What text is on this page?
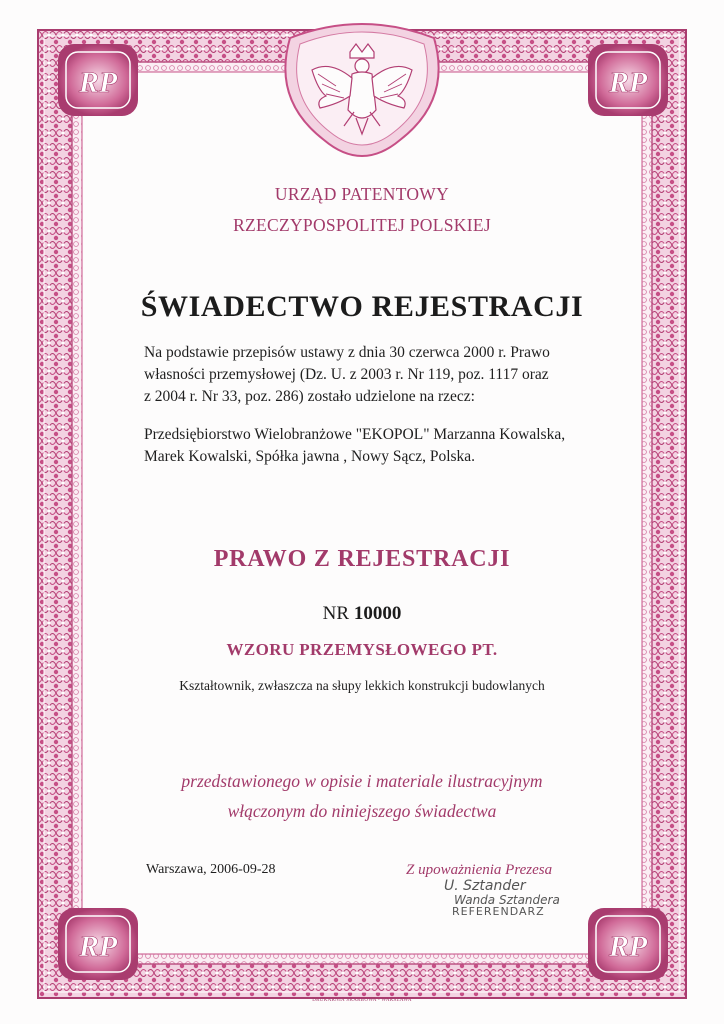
RP	RP
RP	RP
URZĄD PATENTOWY
RZECZYPOSPOLITEJ POLSKIEJ
ŚWIADECTWO REJESTRACJI
Na podstawie przepisów ustawy z dnia 30 czerwca 2000 r. Prawo
własności przemysłowej (Dz. U. z 2003 r. Nr 119, poz. 1117 oraz
z 2004 r. Nr 33, poz. 286) zostało udzielone na rzecz:
Przedsiębiorstwo Wielobranżowe "EKOPOL" Marzanna Kowalska,
Marek Kowalski, Spółka jawna , Nowy Sącz, Polska.
PRAWO Z REJESTRACJI
NR 10000
WZORU PRZEMYSŁOWEGO PT.
Kształtownik, zwłaszcza na słupy lekkich konstrukcji budowlanych
przedstawionego w opisie i materiale ilustracyjnym
włączonym do niniejszego świadectwa
Warszawa, 2006-09-28	Z upoważnienia Prezesa
U. Sztander
Wanda Sztandera
REFERENDARZ
DRUKARNIA SKARBOWA - WARSZAWA
